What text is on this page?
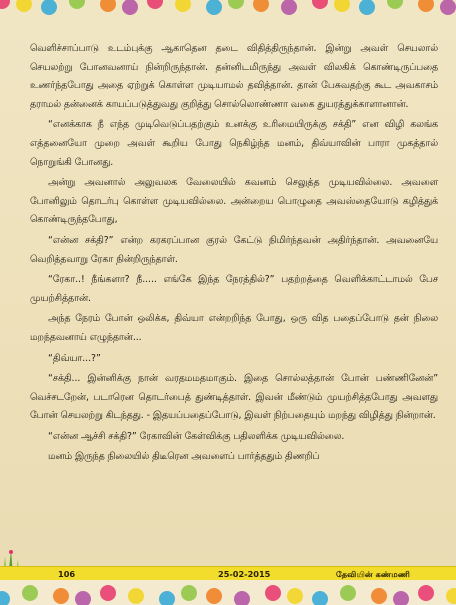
வெளிச்சாப்பாடு உடம்புக்கு ஆகாதென தடை விதித்திருந்தான். இன்று அவள் செயலால் செயலற்று போனவனாய் நின்றிருந்தான். தன்னிடமிருந்து அவள் விலகிக் கொண்டிருப்பதை உணர்ந்தபோது அதை ஏற்றுக் கொள்ள முடியாமல் தவித்தான். தான் பேசுவதற்கு கூட அவகாசம் தராமல் தன்னைக் காயப்படுத்துவது குறித்து சொல்லொண்ணா வகை துயரத்துக்காளானான்.

“எனக்காக நீ எந்த முடிவெடுப்பதற்கும் உனக்கு உரிமையிருக்கு சக்தி” என விழி கலங்க எத்தனையோ முறை அவள் கூறிய போது நெகிழ்ந்த மனம், திவ்யாவின் பாரா முகத்தால் நொறுங்கி போனது.

அன்று அவனால் அலுவலக வேலையில் கவனம் செலுத்த முடியவில்லை. அவளை போனிலும் தொடர்பு கொள்ள முடியவில்லை. அன்றைய பொழுதை அவஸ்தையோடு கழித்துக் கொண்டிருந்தபோது,

“என்ன சக்தி?” என்ற கரகரப்பான குரல் கேட்டு நிமிர்ந்தவன் அதிர்ந்தான். அவனையே வெறித்தவாறு ரேகா நின்றிருந்தாள்.

“ரேகா..! நீங்களா? நீ..... எங்கே இந்த நேரத்தில்?” பதற்றத்தை வெளிக்காட்டாமல் பேச முயற்சித்தான்.

அந்த நேரம் போன் ஒலிக்க, திவ்யா என்றறிந்த போது, ஒரு வித பதைப்போடு தன் நிலை மறந்தவனாய் எழுந்தான்...

“திவ்யா...?”

“சக்தி... இன்னிக்கு நான் வரதமமதமாகும். இதை சொல்லத்தான் போன் பண்ணினேன்” வெச்சடறேன், படாரென தொடர்பைத் துண்டித்தாள். இவன் மீண்டும் முயற்சித்தபோது அவளது போன் செயலற்று கிடந்தது. - இதயப்பதைப்போடு, இவள் நிற்பதையும் மறந்து விழித்து நின்றான்.

“என்ன ஆச்சி சக்தி?” ரேகாவின் கேள்விக்கு பதிலளிக்க முடியவில்லை.

மனம் இருந்த நிலையில் திடீரென அவளைப் பார்த்ததும் திணறிப்

106	25-02-2015	தேவியின் கண்மணி
